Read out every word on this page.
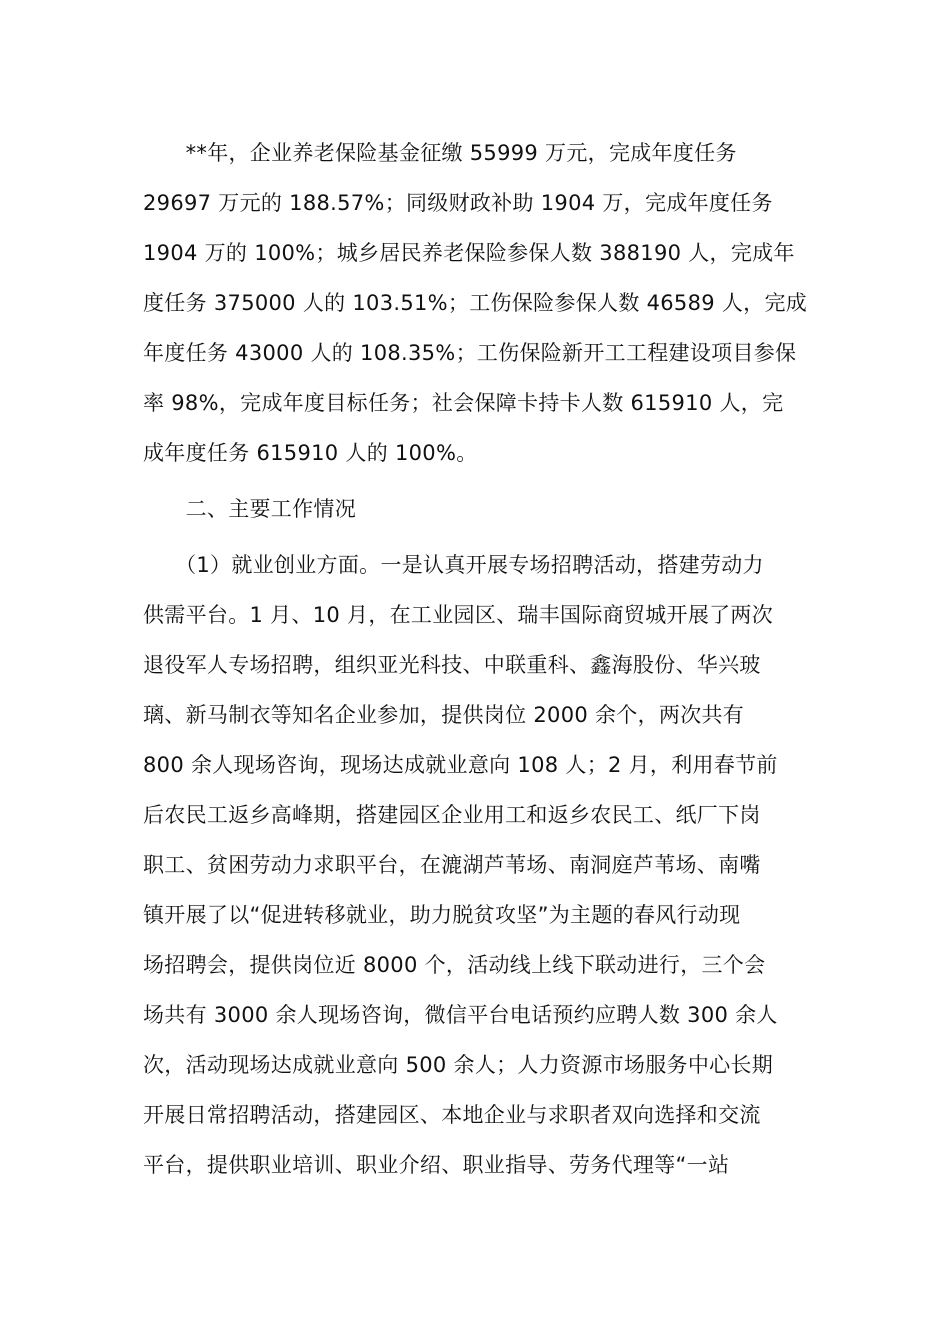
　　**年，企业养老保险基金征缴 55999 万元，完成年度任务
29697 万元的 188.57%；同级财政补助 1904 万，完成年度任务
1904 万的 100%；城乡居民养老保险参保人数 388190 人，完成年
度任务 375000 人的 103.51%；工伤保险参保人数 46589 人，完成
年度任务 43000 人的 108.35%；工伤保险新开工工程建设项目参保
率 98%，完成年度目标任务；社会保障卡持卡人数 615910 人，完
成年度任务 615910 人的 100%。
　　二、主要工作情况
　　（1）就业创业方面。一是认真开展专场招聘活动，搭建劳动力
供需平台。1 月、10 月，在工业园区、瑞丰国际商贸城开展了两次
退役军人专场招聘，组织亚光科技、中联重科、鑫海股份、华兴玻
璃、新马制衣等知名企业参加，提供岗位 2000 余个，两次共有
800 余人现场咨询，现场达成就业意向 108 人；2 月，利用春节前
后农民工返乡高峰期，搭建园区企业用工和返乡农民工、纸厂下岗
职工、贫困劳动力求职平台，在漉湖芦苇场、南洞庭芦苇场、南嘴
镇开展了以“促进转移就业，助力脱贫攻坚”为主题的春风行动现
场招聘会，提供岗位近 8000 个，活动线上线下联动进行，三个会
场共有 3000 余人现场咨询，微信平台电话预约应聘人数 300 余人
次，活动现场达成就业意向 500 余人；人力资源市场服务中心长期
开展日常招聘活动，搭建园区、本地企业与求职者双向选择和交流
平台，提供职业培训、职业介绍、职业指导、劳务代理等“一站
